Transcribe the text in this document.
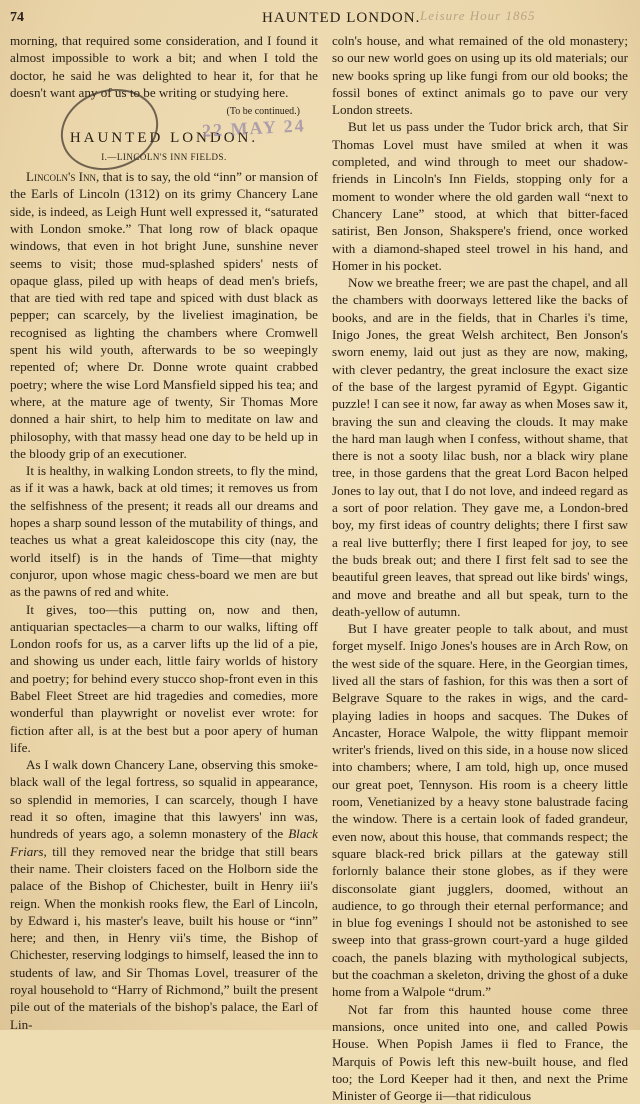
74	HAUNTED LONDON. Leisure Hour 1865

morning, that required some consideration, and I found it almost impossible to work a bit; and when I told the doctor, he said he was delighted to hear it, for that he doesn't want any of us to be writing or studying here.

(To be continued.)
HAUNTED LONDON.
I.—LINCOLN'S INN FIELDS.

Lincoln's Inn, that is to say, the old “inn” or mansion of the Earls of Lincoln (1312) on its grimy Chancery Lane side, is indeed, as Leigh Hunt well expressed it, “saturated with London smoke.” That long row of black opaque windows, that even in hot bright June, sunshine never seems to visit; those mud-splashed spiders' nests of opaque glass, piled up with heaps of dead men's briefs, that are tied with red tape and spiced with dust black as pepper; can scarcely, by the liveliest imagination, be recognised as lighting the chambers where Cromwell spent his wild youth, afterwards to be so weepingly repented of; where Dr. Donne wrote quaint crabbed poetry; where the wise Lord Mansfield sipped his tea; and where, at the mature age of twenty, Sir Thomas More donned a hair shirt, to help him to meditate on law and philosophy, with that massy head one day to be held up in the bloody grip of an executioner.

It is healthy, in walking London streets, to fly the mind, as if it was a hawk, back at old times; it removes us from the selfishness of the present; it reads all our dreams and hopes a sharp sound lesson of the mutability of things, and teaches us what a great kaleidoscope this city (nay, the world itself) is in the hands of Time—that mighty conjuror, upon whose magic chess-board we men are but as the pawns of red and white.

It gives, too—this putting on, now and then, antiquarian spectacles—a charm to our walks, lifting off London roofs for us, as a carver lifts up the lid of a pie, and showing us under each, little fairy worlds of history and poetry; for behind every stucco shop-front even in this Babel Fleet Street are hid tragedies and comedies, more wonderful than playwright or novelist ever wrote: for fiction after all, is at the best but a poor apery of human life.

As I walk down Chancery Lane, observing this smoke-black wall of the legal fortress, so squalid in appearance, so splendid in memories, I can scarcely, though I have read it so often, imagine that this lawyers' inn was, hundreds of years ago, a solemn monastery of the Black Friars, till they removed near the bridge that still bears their name. Their cloisters faced on the Holborn side the palace of the Bishop of Chichester, built in Henry iii's reign. When the monkish rooks flew, the Earl of Lincoln, by Edward i, his master's leave, built his house or “inn” here; and then, in Henry vii's time, the Bishop of Chichester, reserving lodgings to himself, leased the inn to students of law, and Sir Thomas Lovel, treasurer of the royal household to “Harry of Richmond,” built the present pile out of the materials of the bishop's palace, the Earl of Lin-

coln's house, and what remained of the old monastery; so our new world goes on using up its old materials; our new books spring up like fungi from our old books; the fossil bones of extinct animals go to pave our very London streets.

But let us pass under the Tudor brick arch, that Sir Thomas Lovel must have smiled at when it was completed, and wind through to meet our shadow-friends in Lincoln's Inn Fields, stopping only for a moment to wonder where the old garden wall “next to Chancery Lane” stood, at which that bitter-faced satirist, Ben Jonson, Shakspere's friend, once worked with a diamond-shaped steel trowel in his hand, and Homer in his pocket.

Now we breathe freer; we are past the chapel, and all the chambers with doorways lettered like the backs of books, and are in the fields, that in Charles i's time, Inigo Jones, the great Welsh architect, Ben Jonson's sworn enemy, laid out just as they are now, making, with clever pedantry, the great inclosure the exact size of the base of the largest pyramid of Egypt. Gigantic puzzle! I can see it now, far away as when Moses saw it, braving the sun and cleaving the clouds. It may make the hard man laugh when I confess, without shame, that there is not a sooty lilac bush, nor a black wiry plane tree, in those gardens that the great Lord Bacon helped Jones to lay out, that I do not love, and indeed regard as a sort of poor relation. They gave me, a London-bred boy, my first ideas of country delights; there I first saw a real live butterfly; there I first leaped for joy, to see the buds break out; and there I first felt sad to see the beautiful green leaves, that spread out like birds' wings, and move and breathe and all but speak, turn to the death-yellow of autumn.

But I have greater people to talk about, and must forget myself. Inigo Jones's houses are in Arch Row, on the west side of the square. Here, in the Georgian times, lived all the stars of fashion, for this was then a sort of Belgrave Square to the rakes in wigs, and the card-playing ladies in hoops and sacques. The Dukes of Ancaster, Horace Walpole, the witty flippant memoir writer's friends, lived on this side, in a house now sliced into chambers; where, I am told, high up, once mused our great poet, Tennyson. His room is a cheery little room, Venetianized by a heavy stone balustrade facing the window. There is a certain look of faded grandeur, even now, about this house, that commands respect; the square black-red brick pillars at the gateway still forlornly balance their stone globes, as if they were disconsolate giant jugglers, doomed, without an audience, to go through their eternal performance; and in blue fog evenings I should not be astonished to see sweep into that grass-grown court-yard a huge gilded coach, the panels blazing with mythological subjects, but the coachman a skeleton, driving the ghost of a duke home from a Walpole “drum.”

Not far from this haunted house come three mansions, once united into one, and called Powis House. When Popish James ii fled to France, the Marquis of Powis left this new-built house, and fled too; the Lord Keeper had it then, and next the Prime Minister of George ii—that ridiculous

22 MAY 24
